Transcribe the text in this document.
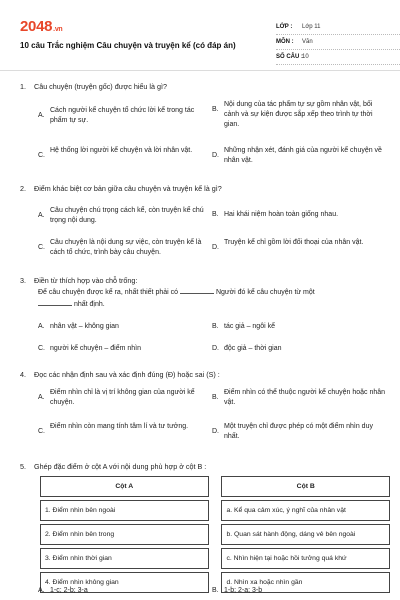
2048.vn
10 câu Trắc nghiệm Câu chuyện và truyện kể (có đáp án)
LỚP : Lớp 11
MÔN : Văn
SỐ CÂU : 10
1. Câu chuyện (truyện gốc) được hiểu là gì?
A.
Cách người kể chuyện tổ chức lời kể trong tác phẩm tự sự.
B.
Nội dung của tác phẩm tự sự gồm nhân vật, bối cảnh và sự kiện được sắp xếp theo trình tự thời gian.
C.
Hệ thống lời người kể chuyện và lời nhân vật.
D.
Những nhận xét, đánh giá của người kể chuyện về nhân vật.
2. Điểm khác biệt cơ bản giữa câu chuyện và truyện kể là gì?
A.
Câu chuyện chú trọng cách kể, còn truyện kể chú trọng nội dung.
B. Hai khái niệm hoàn toàn giống nhau.
C.
Câu chuyện là nội dung sự việc, còn truyện kể là cách tổ chức, trình bày câu chuyện.
D.
Truyện kể chỉ gồm lời đối thoại của nhân vật.
3. Điền từ thích hợp vào chỗ trống:
Để câu chuyện được kể ra, nhất thiết phải có	Người đó kể câu chuyện từ một
nhất định.
A. nhân vật – không gian	B. tác giả – ngôi kể
C. người kể chuyện – điểm nhìn	D. độc giả – thời gian
4. Đọc các nhận định sau và xác định đúng (Đ) hoặc sai (S) :
A.
Điểm nhìn chỉ là vị trí không gian của người kể chuyện.
B.
Điểm nhìn có thể thuộc người kể chuyện hoặc nhân vật.
C.
Điểm nhìn còn mang tính tâm lí và tư tưởng.
D.
Một truyện chỉ được phép có một điểm nhìn duy nhất.
5. Ghép đặc điểm ở cột A với nội dung phù hợp ở cột B :
Cột A		Cột B

1. Điểm nhìn bên ngoài		a. Kể qua cảm xúc, ý nghĩ của nhân vật

2. Điểm nhìn bên trong		b. Quan sát hành động, dáng vẻ bên ngoài

3. Điểm nhìn thời gian		c. Nhìn hiện tại hoặc hồi tưởng quá khứ

4. Điểm nhìn không gian		d. Nhìn xa hoặc nhìn gần
A. 1-c; 2-b; 3-a	B. 1-b; 2-a; 3-b
